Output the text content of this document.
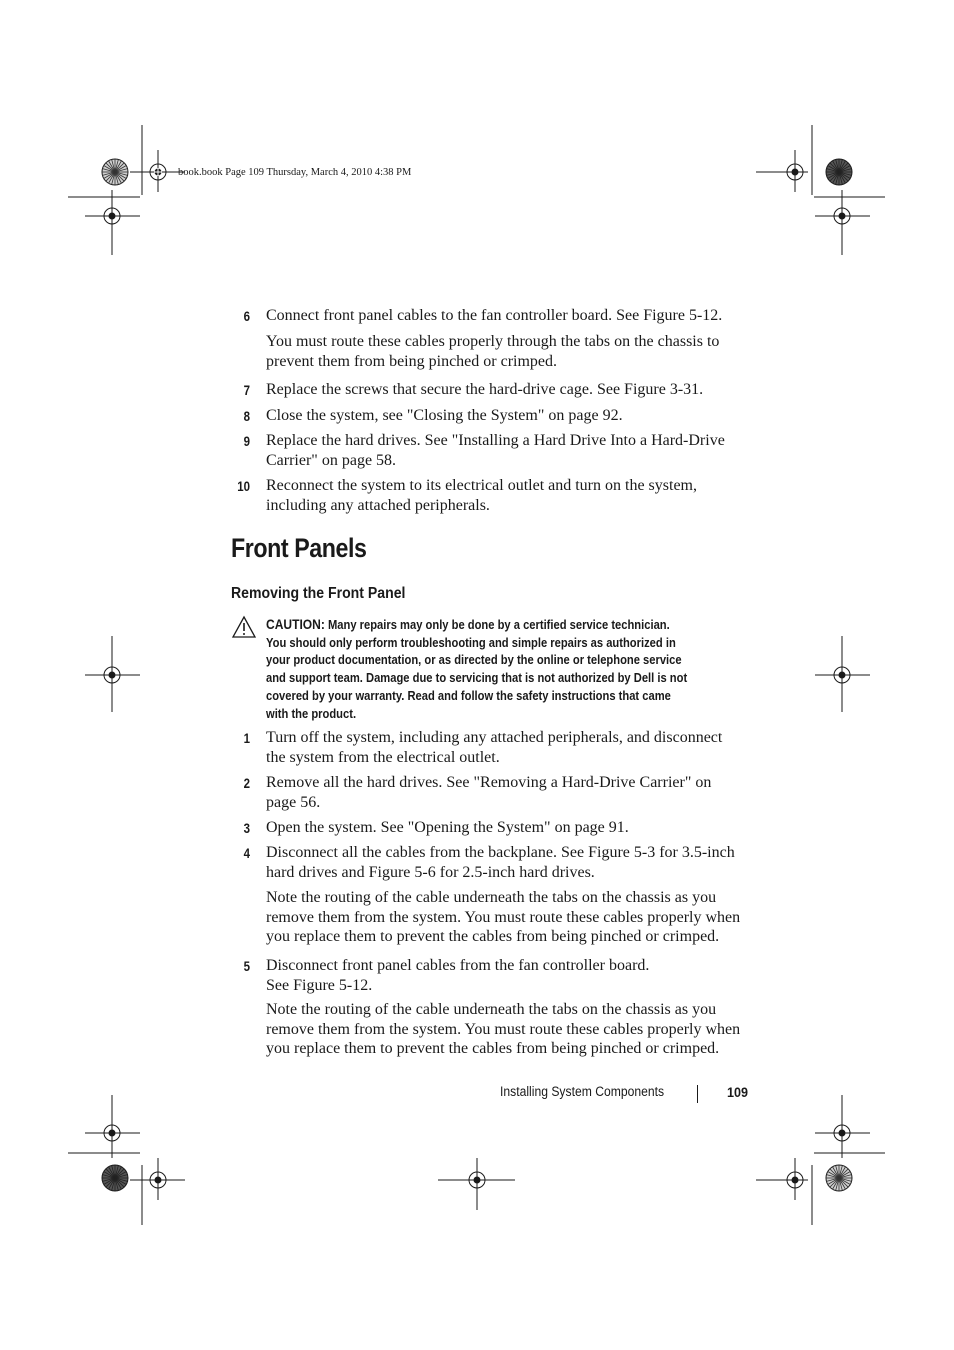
book.book Page 109 Thursday, March 4, 2010 4:38 PM
6 Connect front panel cables to the fan controller board. See Figure 5-12.
You must route these cables properly through the tabs on the chassis to
prevent them from being pinched or crimped.
7 Replace the screws that secure the hard-drive cage. See Figure 3-31.
8 Close the system, see "Closing the System" on page 92.
9 Replace the hard drives. See "Installing a Hard Drive Into a Hard-Drive
Carrier" on page 58.
10 Reconnect the system to its electrical outlet and turn on the system,
including any attached peripherals.
Front Panels
Removing the Front Panel
CAUTION: Many repairs may only be done by a certified service technician.
You should only perform troubleshooting and simple repairs as authorized in
your product documentation, or as directed by the online or telephone service
and support team. Damage due to servicing that is not authorized by Dell is not
covered by your warranty. Read and follow the safety instructions that came
with the product.
1 Turn off the system, including any attached peripherals, and disconnect
the system from the electrical outlet.
2 Remove all the hard drives. See "Removing a Hard-Drive Carrier" on
page 56.
3 Open the system. See "Opening the System" on page 91.
4 Disconnect all the cables from the backplane. See Figure 5-3 for 3.5-inch
hard drives and Figure 5-6 for 2.5-inch hard drives.
Note the routing of the cable underneath the tabs on the chassis as you
remove them from the system. You must route these cables properly when
you replace them to prevent the cables from being pinched or crimped.
5 Disconnect front panel cables from the fan controller board.
See Figure 5-12.
Note the routing of the cable underneath the tabs on the chassis as you
remove them from the system. You must route these cables properly when
you replace them to prevent the cables from being pinched or crimped.
Installing System Components	109
